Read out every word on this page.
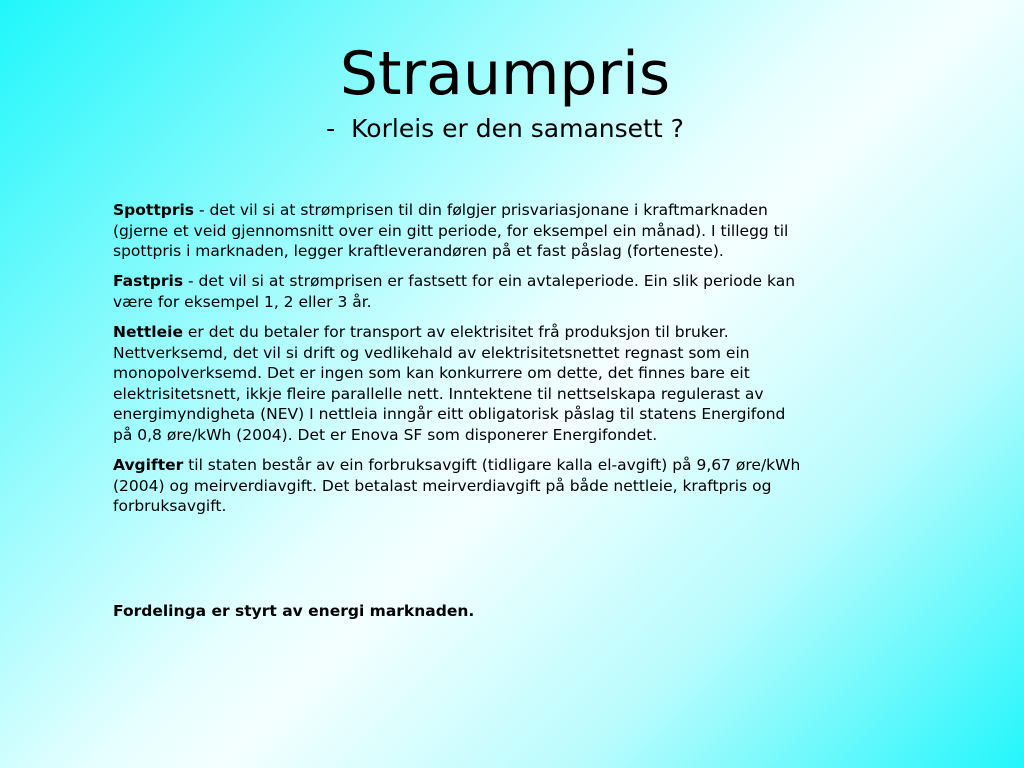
Straumpris
- Korleis er den samansett ?

Spottpris - det vil si at strømprisen til din følgjer prisvariasjonane i kraftmarknaden (gjerne et veid gjennomsnitt over ein gitt periode, for eksempel ein månad). I tillegg til spottpris i marknaden, legger kraftleverandøren på et fast påslag (forteneste).

Fastpris - det vil si at strømprisen er fastsett for ein avtaleperiode. Ein slik periode kan være for eksempel 1, 2 eller 3 år.

Nettleie er det du betaler for transport av elektrisitet frå produksjon til bruker. Nettverksemd, det vil si drift og vedlikehald av elektrisitetsnettet regnast som ein monopolverksemd. Det er ingen som kan konkurrere om dette, det finnes bare eit elektrisitetsnett, ikkje fleire parallelle nett. Inntektene til nettselskapa regulerast av energimyndigheta (NEV) I nettleia inngår eitt obligatorisk påslag til statens Energifond på 0,8 øre/kWh (2004). Det er Enova SF som disponerer Energifondet.

Avgifter til staten består av ein forbruksavgift (tidligare kalla el-avgift) på 9,67 øre/kWh (2004) og meirverdiavgift. Det betalast meirverdiavgift på både nettleie, kraftpris og forbruksavgift.

Fordelinga er styrt av energi marknaden.
